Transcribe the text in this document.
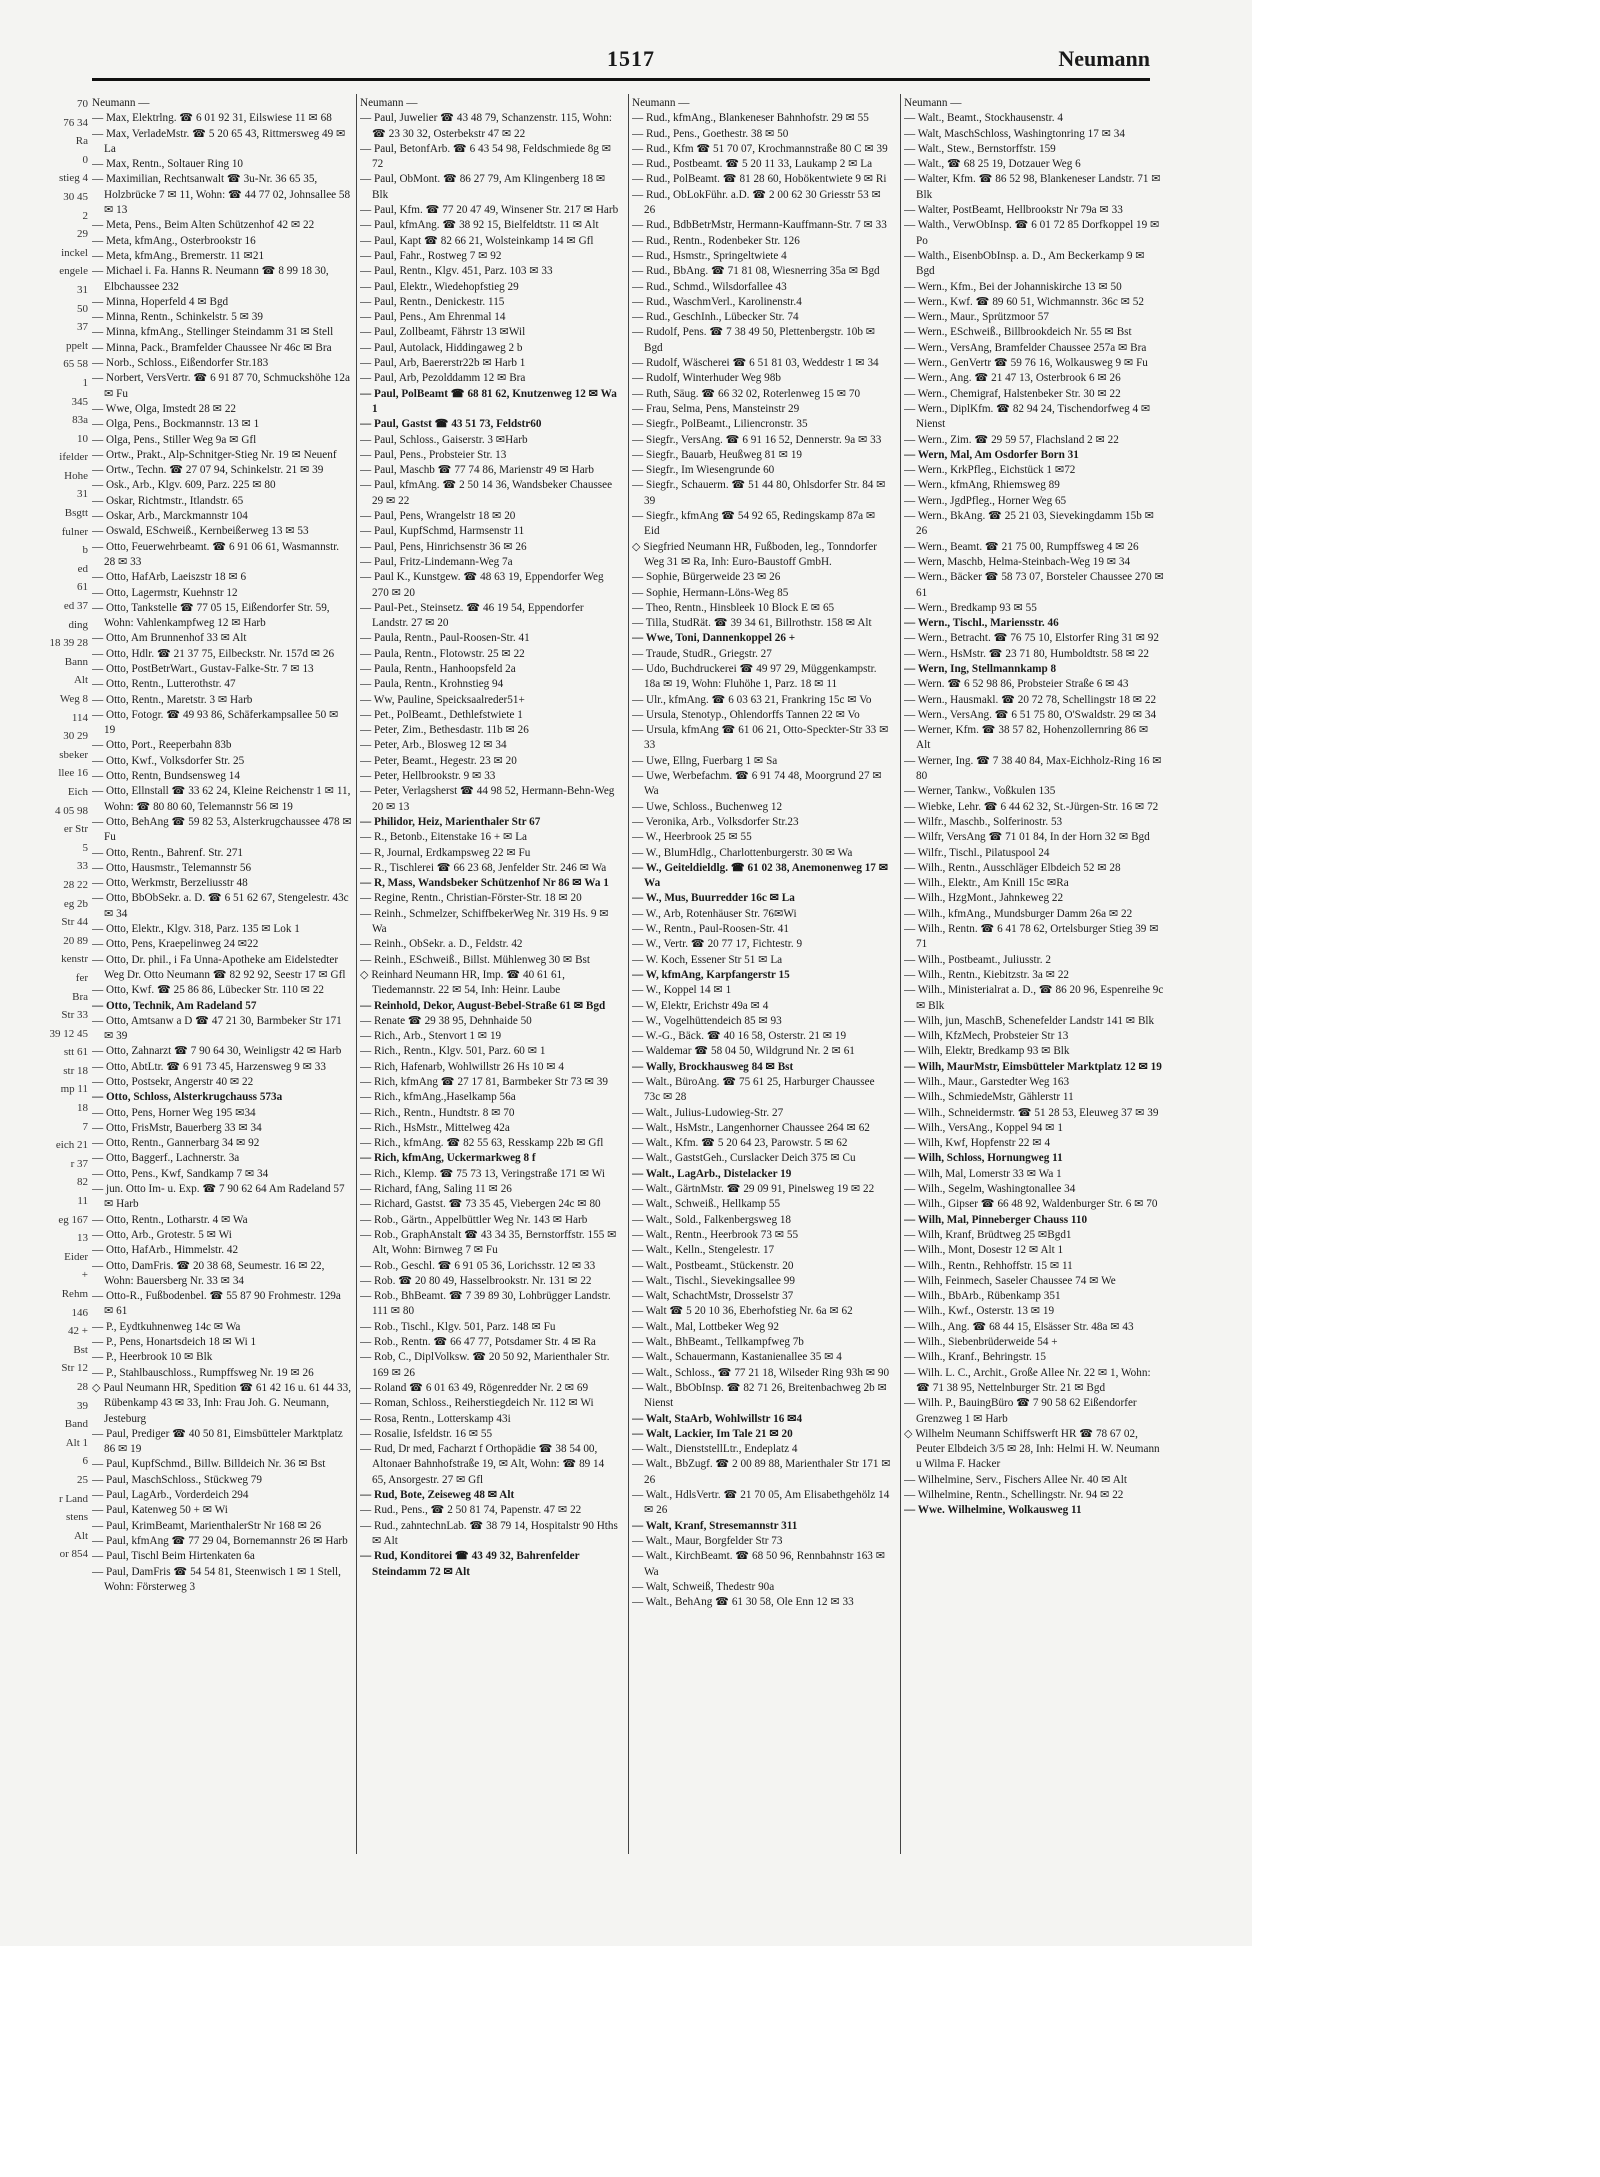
70
76 34
Ra
0
stieg 4
30 45
2
29
inckel
engele
31
50
37
ppelt
65 58
1
345
83a
10
ifelder
Hohe
31
Bsgtt
fulner
b
ed
61
ed 37
ding
18 39 28
Bann
Alt
Weg 8
114
30 29
sbeker
llee 16
Eich
4 05 98
er Str
5
33
28 22
eg 2b
Str 44
20 89
kenstr
fer
Bra
Str 33
39 12 45
stt 61
str 18
mp 11
18
7
eich 21
r 37
82
11
eg 167
13
Eider
+
Rehm
146
42 +
Bst
Str 12
28
39
Band
Alt 1
6
25
r Land
stens
Alt
or 854
1517	Neumann
Neumann —
— Max, Elektrlng. ☎ 6 01 92 31, Eilswiese 11 ✉ 68
— Max, VerladeMstr. ☎ 5 20 65 43, Rittmersweg 49 ✉ La
— Max, Rentn., Soltauer Ring 10
— Maximilian, Rechtsanwalt ☎ 3u-Nr. 36 65 35, Holzbrücke 7 ✉ 11, Wohn: ☎ 44 77 02, Johnsallee 58 ✉ 13
— Meta, Pens., Beim Alten Schützenhof 42 ✉ 22
— Meta, kfmAng., Osterbrookstr 16
— Meta, kfmAng., Bremerstr. 11 ✉21
— Michael i. Fa. Hanns R. Neumann ☎ 8 99 18 30, Elbchaussee 232
— Minna, Hoperfeld 4 ✉ Bgd
— Minna, Rentn., Schinkelstr. 5 ✉ 39
— Minna, kfmAng., Stellinger Steindamm 31 ✉ Stell
— Minna, Pack., Bramfelder Chaussee Nr 46c ✉ Bra
— Norb., Schloss., Eißendorfer Str.183
— Norbert, VersVertr. ☎ 6 91 87 70, Schmuckshöhe 12a ✉ Fu
— Wwe, Olga, Imstedt 28 ✉ 22
— Olga, Pens., Bockmannstr. 13 ✉ 1
— Olga, Pens., Stiller Weg 9a ✉ Gfl
— Ortw., Prakt., Alp-Schnitger-Stieg Nr. 19 ✉ Neuenf
— Ortw., Techn. ☎ 27 07 94, Schinkelstr. 21 ✉ 39
— Osk., Arb., Klgv. 609, Parz. 225 ✉ 80
— Oskar, Richtmstr., Itlandstr. 65
— Oskar, Arb., Marckmannstr 104
— Oswald, ESchweiß., Kernbeißerweg 13 ✉ 53
— Otto, Feuerwehrbeamt. ☎ 6 91 06 61, Wasmannstr. 28 ✉ 33
— Otto, HafArb, Laeiszstr 18 ✉ 6
— Otto, Lagermstr, Kuehnstr 12
— Otto, Tankstelle ☎ 77 05 15, Eißendorfer Str. 59, Wohn: Vahlenkampfweg 12 ✉ Harb
— Otto, Am Brunnenhof 33 ✉ Alt
— Otto, Hdlr. ☎ 21 37 75, Eilbeckstr. Nr. 157d ✉ 26
— Otto, PostBetrWart., Gustav-Falke-Str. 7 ✉ 13
— Otto, Rentn., Lutterothstr. 47
— Otto, Rentn., Maretstr. 3 ✉ Harb
— Otto, Fotogr. ☎ 49 93 86, Schäferkampsallee 50 ✉ 19
— Otto, Port., Reeperbahn 83b
— Otto, Kwf., Volksdorfer Str. 25
— Otto, Rentn, Bundsensweg 14
— Otto, Ellnstall ☎ 33 62 24, Kleine Reichenstr 1 ✉ 11, Wohn: ☎ 80 80 60, Telemannstr 56 ✉ 19
— Otto, BehAng ☎ 59 82 53, Alsterkrugchaussee 478 ✉ Fu
— Otto, Rentn., Bahrenf. Str. 271
— Otto, Hausmstr., Telemannstr 56
— Otto, Werkmstr, Berzeliusstr 48
— Otto, BbObSekr. a. D. ☎ 6 51 62 67, Stengelestr. 43c ✉ 34
— Otto, Elektr., Klgv. 318, Parz. 135 ✉ Lok 1
— Otto, Pens, Kraepelinweg 24 ✉22
— Otto, Dr. phil., i Fa Unna-Apotheke am Eidelstedter Weg Dr. Otto Neumann ☎ 82 92 92, Seestr 17 ✉ Gfl
— Otto, Kwf. ☎ 25 86 86, Lübecker Str. 110 ✉ 22
— Otto, Technik, Am Radeland 57
— Otto, Amtsanw a D ☎ 47 21 30, Barmbeker Str 171 ✉ 39
— Otto, Zahnarzt ☎ 7 90 64 30, Weinligstr 42 ✉ Harb
— Otto, AbtLtr. ☎ 6 91 73 45, Harzensweg 9 ✉ 33
— Otto, Postsekr, Angerstr 40 ✉ 22
— Otto, Schloss, Alsterkrugchauss 573a
— Otto, Pens, Horner Weg 195 ✉34
— Otto, FrisMstr, Bauerberg 33 ✉ 34
— Otto, Rentn., Gannerbarg 34 ✉ 92
— Otto, Baggerf., Lachnerstr. 3a
— Otto, Pens., Kwf, Sandkamp 7 ✉ 34
— jun. Otto Im- u. Exp. ☎ 7 90 62 64 Am Radeland 57 ✉ Harb
— Otto, Rentn., Lotharstr. 4 ✉ Wa
— Otto, Arb., Grotestr. 5 ✉ Wi
— Otto, HafArb., Himmelstr. 42
— Otto, DamFris. ☎ 20 38 68, Seumestr. 16 ✉ 22, Wohn: Bauersberg Nr. 33 ✉ 34
— Otto-R., Fußbodenbel. ☎ 55 87 90 Frohmestr. 129a ✉ 61
— P., Eydtkuhnenweg 14c ✉ Wa
— P., Pens, Honartsdeich 18 ✉ Wi 1
— P., Heerbrook 10 ✉ Blk
— P., Stahlbauschloss., Rumpffsweg Nr. 19 ✉ 26
◇ Paul Neumann HR, Spedition ☎ 61 42 16 u. 61 44 33, Rübenkamp 43 ✉ 33, Inh: Frau Joh. G. Neumann, Jesteburg
— Paul, Prediger ☎ 40 50 81, Eimsbütteler Marktplatz 86 ✉ 19
— Paul, KupfSchmd., Billw. Billdeich Nr. 36 ✉ Bst
— Paul, MaschSchloss., Stückweg 79
— Paul, LagArb., Vorderdeich 294
— Paul, Katenweg 50 + ✉ Wi
— Paul, KrimBeamt, MarienthalerStr Nr 168 ✉ 26
— Paul, kfmAng ☎ 77 29 04, Bornemannstr 26 ✉ Harb
— Paul, Tischl Beim Hirtenkaten 6a
— Paul, DamFris ☎ 54 54 81, Steenwisch 1 ✉ 1 Stell, Wohn: Försterweg 3
Neumann —
— Paul, Juwelier ☎ 43 48 79, Schanzenstr. 115, Wohn: ☎ 23 30 32, Osterbekstr 47 ✉ 22
— Paul, BetonfArb. ☎ 6 43 54 98, Feldschmiede 8g ✉ 72
— Paul, ObMont. ☎ 86 27 79, Am Klingenberg 18 ✉ Blk
— Paul, Kfm. ☎ 77 20 47 49, Winsener Str. 217 ✉ Harb
— Paul, kfmAng. ☎ 38 92 15, Bielfeldtstr. 11 ✉ Alt
— Paul, Kapt ☎ 82 66 21, Wolsteinkamp 14 ✉ Gfl
— Paul, Fahr., Rostweg 7 ✉ 92
— Paul, Rentn., Klgv. 451, Parz. 103 ✉ 33
— Paul, Elektr., Wiedehopfstieg 29
— Paul, Rentn., Denickestr. 115
— Paul, Pens., Am Ehrenmal 14
— Paul, Zollbeamt, Fährstr 13 ✉Wil
— Paul, Autolack, Hiddingaweg 2 b
— Paul, Arb, Baererstr22b ✉ Harb 1
— Paul, Arb, Pezolddamm 12 ✉ Bra
— Paul, PolBeamt ☎ 68 81 62, Knutzenweg 12 ✉ Wa 1
— Paul, Gastst ☎ 43 51 73, Feldstr60
— Paul, Schloss., Gaiserstr. 3 ✉Harb
— Paul, Pens., Probsteier Str. 13
— Paul, Maschb ☎ 77 74 86, Marienstr 49 ✉ Harb
— Paul, kfmAng. ☎ 2 50 14 36, Wandsbeker Chaussee 29 ✉ 22
— Paul, Pens, Wrangelstr 18 ✉ 20
— Paul, KupfSchmd, Harmsenstr 11
— Paul, Pens, Hinrichsenstr 36 ✉ 26
— Paul, Fritz-Lindemann-Weg 7a
— Paul K., Kunstgew. ☎ 48 63 19, Eppendorfer Weg 270 ✉ 20
— Paul-Pet., Steinsetz. ☎ 46 19 54, Eppendorfer Landstr. 27 ✉ 20
— Paula, Rentn., Paul-Roosen-Str. 41
— Paula, Rentn., Flotowstr. 25 ✉ 22
— Paula, Rentn., Hanhoopsfeld 2a
— Paula, Rentn., Krohnstieg 94
— Ww, Pauline, Speicksaalreder51+
— Pet., PolBeamt., Dethlefstwiete 1
— Peter, Zim., Bethesdastr. 11b ✉ 26
— Peter, Arb., Blosweg 12 ✉ 34
— Peter, Beamt., Hegestr. 23 ✉ 20
— Peter, Hellbrookstr. 9 ✉ 33
— Peter, Verlagsherst ☎ 44 98 52, Hermann-Behn-Weg 20 ✉ 13
— Philidor, Heiz, Marienthaler Str 67
— R., Betonb., Eitenstake 16 + ✉ La
— R, Journal, Erdkampsweg 22 ✉ Fu
— R., Tischlerei ☎ 66 23 68, Jenfelder Str. 246 ✉ Wa
— R, Mass, Wandsbeker Schützenhof Nr 86 ✉ Wa 1
— Regine, Rentn., Christian-Förster-Str. 18 ✉ 20
— Reinh., Schmelzer, SchiffbekerWeg Nr. 319 Hs. 9 ✉ Wa
— Reinh., ObSekr. a. D., Feldstr. 42
— Reinh., ESchweiß., Billst. Mühlenweg 30 ✉ Bst
◇ Reinhard Neumann HR, Imp. ☎ 40 61 61, Tiedemannstr. 22 ✉ 54, Inh: Heinr. Laube
— Reinhold, Dekor, August-Bebel-Straße 61 ✉ Bgd
— Renate ☎ 29 38 95, Dehnhaide 50
— Rich., Arb., Stenvort 1 ✉ 19
— Rich., Rentn., Klgv. 501, Parz. 60 ✉ 1
— Rich, Hafenarb, Wohlwillstr 26 Hs 10 ✉ 4
— Rich, kfmAng ☎ 27 17 81, Barmbeker Str 73 ✉ 39
— Rich., kfmAng.,Haselkamp 56a
— Rich., Rentn., Hundtstr. 8 ✉ 70
— Rich., HsMstr., Mittelweg 42a
— Rich., kfmAng. ☎ 82 55 63, Resskamp 22b ✉ Gfl
— Rich, kfmAng, Uckermarkweg 8 f
— Rich., Klemp. ☎ 75 73 13, Veringstraße 171 ✉ Wi
— Richard, fAng, Saling 11 ✉ 26
— Richard, Gastst. ☎ 73 35 45, Viebergen 24c ✉ 80
— Rob., Gärtn., Appelbüttler Weg Nr. 143 ✉ Harb
— Rob., GraphAnstalt ☎ 43 34 35, Bernstorffstr. 155 ✉ Alt, Wohn: Birnweg 7 ✉ Fu
— Rob., Geschl. ☎ 6 91 05 36, Lorichsstr. 12 ✉ 33
— Rob. ☎ 20 80 49, Hasselbrookstr. Nr. 131 ✉ 22
— Rob., BhBeamt. ☎ 7 39 89 30, Lohbrügger Landstr. 111 ✉ 80
— Rob., Tischl., Klgv. 501, Parz. 148 ✉ Fu
— Rob., Rentn. ☎ 66 47 77, Potsdamer Str. 4 ✉ Ra
— Rob, C., DiplVolksw. ☎ 20 50 92, Marienthaler Str. 169 ✉ 26
— Roland ☎ 6 01 63 49, Rögenredder Nr. 2 ✉ 69
— Roman, Schloss., Reiherstiegdeich Nr. 112 ✉ Wi
— Rosa, Rentn., Lotterskamp 43i
— Rosalie, Isfeldstr. 16 ✉ 55
— Rud, Dr med, Facharzt f Orthopädie ☎ 38 54 00, Altonaer Bahnhofstraße 19, ✉ Alt, Wohn: ☎ 89 14 65, Ansorgestr. 27 ✉ Gfl
— Rud, Bote, Zeiseweg 48 ✉ Alt
— Rud., Pens., ☎ 2 50 81 74, Papenstr. 47 ✉ 22
— Rud., zahntechnLab. ☎ 38 79 14, Hospitalstr 90 Hths ✉ Alt
— Rud, Konditorei ☎ 43 49 32, Bahrenfelder Steindamm 72 ✉ Alt
Neumann —
— Rud., kfmAng., Blankeneser Bahnhofstr. 29 ✉ 55
— Rud., Pens., Goethestr. 38 ✉ 50
— Rud., Kfm ☎ 51 70 07, Krochmannstraße 80 C ✉ 39
— Rud., Postbeamt. ☎ 5 20 11 33, Laukamp 2 ✉ La
— Rud., PolBeamt. ☎ 81 28 60, Hobökentwiete 9 ✉ Ri
— Rud., ObLokFühr. a.D. ☎ 2 00 62 30 Griesstr 53 ✉ 26
— Rud., BdbBetrMstr, Hermann-Kauffmann-Str. 7 ✉ 33
— Rud., Rentn., Rodenbeker Str. 126
— Rud., Hsmstr., Springeltwiete 4
— Rud., BbAng. ☎ 71 81 08, Wiesnerring 35a ✉ Bgd
— Rud., Schmd., Wilsdorfallee 43
— Rud., WaschmVerl., Karolinenstr.4
— Rud., GeschInh., Lübecker Str. 74
— Rudolf, Pens. ☎ 7 38 49 50, Plettenbergstr. 10b ✉ Bgd
— Rudolf, Wäscherei ☎ 6 51 81 03, Weddestr 1 ✉ 34
— Rudolf, Winterhuder Weg 98b
— Ruth, Säug. ☎ 66 32 02, Roterlenweg 15 ✉ 70
— Frau, Selma, Pens, Mansteinstr 29
— Siegfr., PolBeamt., Liliencronstr. 35
— Siegfr., VersAng. ☎ 6 91 16 52, Dennerstr. 9a ✉ 33
— Siegfr., Bauarb, Heußweg 81 ✉ 19
— Siegfr., Im Wiesengrunde 60
— Siegfr., Schauerm. ☎ 51 44 80, Ohlsdorfer Str. 84 ✉ 39
— Siegfr., kfmAng ☎ 54 92 65, Redingskamp 87a ✉ Eid
◇ Siegfried Neumann HR, Fußboden, leg., Tonndorfer Weg 31 ✉ Ra, Inh: Euro-Baustoff GmbH.
— Sophie, Bürgerweide 23 ✉ 26
— Sophie, Hermann-Löns-Weg 85
— Theo, Rentn., Hinsbleek 10 Block E ✉ 65
— Tilla, StudRät. ☎ 39 34 61, Billrothstr. 158 ✉ Alt
— Wwe, Toni, Dannenkoppel 26 +
— Traude, StudR., Griegstr. 27
— Udo, Buchdruckerei ☎ 49 97 29, Müggenkampstr. 18a ✉ 19, Wohn: Fluhöhe 1, Parz. 18 ✉ 11
— Ulr., kfmAng. ☎ 6 03 63 21, Frankring 15c ✉ Vo
— Ursula, Stenotyp., Ohlendorffs Tannen 22 ✉ Vo
— Ursula, kfmAng ☎ 61 06 21, Otto-Speckter-Str 33 ✉ 33
— Uwe, Ellng, Fuerbarg 1 ✉ Sa
— Uwe, Werbefachm. ☎ 6 91 74 48, Moorgrund 27 ✉ Wa
— Uwe, Schloss., Buchenweg 12
— Veronika, Arb., Volksdorfer Str.23
— W., Heerbrook 25 ✉ 55
— W., BlumHdlg., Charlottenburgerstr. 30 ✉ Wa
— W., Geiteldieldlg. ☎ 61 02 38, Anemonenweg 17 ✉ Wa
— W., Mus, Buurredder 16c ✉ La
— W., Arb, Rotenhäuser Str. 76✉Wi
— W., Rentn., Paul-Roosen-Str. 41
— W., Vertr. ☎ 20 77 17, Fichtestr. 9
— W. Koch, Essener Str 51 ✉ La
— W, kfmAng, Karpfangerstr 15
— W., Koppel 14 ✉ 1
— W, Elektr, Erichstr 49a ✉ 4
— W., Vogelhüttendeich 85 ✉ 93
— W.-G., Bäck. ☎ 40 16 58, Osterstr. 21 ✉ 19
— Waldemar ☎ 58 04 50, Wildgrund Nr. 2 ✉ 61
— Wally, Brockhausweg 84 ✉ Bst
— Walt., BüroAng. ☎ 75 61 25, Harburger Chaussee 73c ✉ 28
— Walt., Julius-Ludowieg-Str. 27
— Walt., HsMstr., Langenhorner Chaussee 264 ✉ 62
— Walt., Kfm. ☎ 5 20 64 23, Parowstr. 5 ✉ 62
— Walt., GaststGeh., Curslacker Deich 375 ✉ Cu
— Walt., LagArb., Distelacker 19
— Walt., GärtnMstr. ☎ 29 09 91, Pinelsweg 19 ✉ 22
— Walt., Schweiß., Hellkamp 55
— Walt., Sold., Falkenbergsweg 18
— Walt., Rentn., Heerbrook 73 ✉ 55
— Walt., Kelln., Stengelestr. 17
— Walt., Postbeamt., Stückenstr. 20
— Walt., Tischl., Sievekingsallee 99
— Walt, SchachtMstr, Drosselstr 37
— Walt ☎ 5 20 10 36, Eberhofstieg Nr. 6a ✉ 62
— Walt., Mal, Lottbeker Weg 92
— Walt., BhBeamt., Tellkampfweg 7b
— Walt., Schauermann, Kastanienallee 35 ✉ 4
— Walt., Schloss., ☎ 77 21 18, Wilseder Ring 93h ✉ 90
— Walt., BbObInsp. ☎ 82 71 26, Breitenbachweg 2b ✉ Nienst
— Walt, StaArb, Wohlwillstr 16 ✉4
— Walt, Lackier, Im Tale 21 ✉ 20
— Walt., DienststellLtr., Endeplatz 4
— Walt., BbZugf. ☎ 2 00 89 88, Marienthaler Str 171 ✉ 26
— Walt., HdlsVertr. ☎ 21 70 05, Am Elisabethgehölz 14 ✉ 26
— Walt, Kranf, Stresemannstr 311
— Walt., Maur, Borgfelder Str 73
— Walt., KirchBeamt. ☎ 68 50 96, Rennbahnstr 163 ✉ Wa
— Walt, Schweiß, Thedestr 90a
— Walt., BehAng ☎ 61 30 58, Ole Enn 12 ✉ 33
Neumann —
— Walt., Beamt., Stockhausenstr. 4
— Walt, MaschSchloss, Washingtonring 17 ✉ 34
— Walt., Stew., Bernstorffstr. 159
— Walt., ☎ 68 25 19, Dotzauer Weg 6
— Walter, Kfm. ☎ 86 52 98, Blankeneser Landstr. 71 ✉ Blk
— Walter, PostBeamt, Hellbrookstr Nr 79a ✉ 33
— Walth., VerwObInsp. ☎ 6 01 72 85 Dorfkoppel 19 ✉ Po
— Walth., EisenbObInsp. a. D., Am Beckerkamp 9 ✉ Bgd
— Wern., Kfm., Bei der Johanniskirche 13 ✉ 50
— Wern., Kwf. ☎ 89 60 51, Wichmannstr. 36c ✉ 52
— Wern., Maur., Sprützmoor 57
— Wern., ESchweiß., Billbrookdeich Nr. 55 ✉ Bst
— Wern., VersAng, Bramfelder Chaussee 257a ✉ Bra
— Wern., GenVertr ☎ 59 76 16, Wolkausweg 9 ✉ Fu
— Wern., Ang. ☎ 21 47 13, Osterbrook 6 ✉ 26
— Wern., Chemigraf, Halstenbeker Str. 30 ✉ 22
— Wern., DiplKfm. ☎ 82 94 24, Tischendorfweg 4 ✉ Nienst
— Wern., Zim. ☎ 29 59 57, Flachsland 2 ✉ 22
— Wern, Mal, Am Osdorfer Born 31
— Wern., KrkPfleg., Eichstück 1 ✉72
— Wern., kfmAng, Rhiemsweg 89
— Wern., JgdPfleg., Horner Weg 65
— Wern., BkAng. ☎ 25 21 03, Sievekingdamm 15b ✉ 26
— Wern., Beamt. ☎ 21 75 00, Rumpffsweg 4 ✉ 26
— Wern, Maschb, Helma-Steinbach-Weg 19 ✉ 34
— Wern., Bäcker ☎ 58 73 07, Borsteler Chaussee 270 ✉ 61
— Wern., Bredkamp 93 ✉ 55
— Wern., Tischl., Mariensstr. 46
— Wern., Betracht. ☎ 76 75 10, Elstorfer Ring 31 ✉ 92
— Wern., HsMstr. ☎ 23 71 80, Humboldtstr. 58 ✉ 22
— Wern, Ing, Stellmannkamp 8
— Wern. ☎ 6 52 98 86, Probsteier Straße 6 ✉ 43
— Wern., Hausmakl. ☎ 20 72 78, Schellingstr 18 ✉ 22
— Wern., VersAng. ☎ 6 51 75 80, O'Swaldstr. 29 ✉ 34
— Werner, Kfm. ☎ 38 57 82, Hohenzollernring 86 ✉ Alt
— Werner, Ing. ☎ 7 38 40 84, Max-Eichholz-Ring 16 ✉ 80
— Werner, Tankw., Voßkulen 135
— Wiebke, Lehr. ☎ 6 44 62 32, St.-Jürgen-Str. 16 ✉ 72
— Wilfr., Maschb., Solferinostr. 53
— Wilfr, VersAng ☎ 71 01 84, In der Horn 32 ✉ Bgd
— Wilfr., Tischl., Pilatuspool 24
— Wilh., Rentn., Ausschläger Elbdeich 52 ✉ 28
— Wilh., Elektr., Am Knill 15c ✉Ra
— Wilh., HzgMont., Jahnkeweg 22
— Wilh., kfmAng., Mundsburger Damm 26a ✉ 22
— Wilh., Rentn. ☎ 6 41 78 62, Ortelsburger Stieg 39 ✉ 71
— Wilh., Postbeamt., Juliusstr. 2
— Wilh., Rentn., Kiebitzstr. 3a ✉ 22
— Wilh., Ministerialrat a. D., ☎ 86 20 96, Espenreihe 9c ✉ Blk
— Wilh, jun, MaschB, Schenefelder Landstr 141 ✉ Blk
— Wilh, KfzMech, Probsteier Str 13
— Wilh, Elektr, Bredkamp 93 ✉ Blk
— Wilh, MaurMstr, Eimsbütteler Marktplatz 12 ✉ 19
— Wilh., Maur., Garstedter Weg 163
— Wilh., SchmiedeMstr, Gählerstr 11
— Wilh., Schneidermstr. ☎ 51 28 53, Eleuweg 37 ✉ 39
— Wilh., VersAng., Koppel 94 ✉ 1
— Wilh, Kwf, Hopfenstr 22 ✉ 4
— Wilh, Schloss, Hornungweg 11
— Wilh, Mal, Lomerstr 33 ✉ Wa 1
— Wilh., Segelm, Washingtonallee 34
— Wilh., Gipser ☎ 66 48 92, Waldenburger Str. 6 ✉ 70
— Wilh, Mal, Pinneberger Chauss 110
— Wilh, Kranf, Brüdtweg 25 ✉Bgd1
— Wilh., Mont, Dosestr 12 ✉ Alt 1
— Wilh., Rentn., Rehhoffstr. 15 ✉ 11
— Wilh, Feinmech, Saseler Chaussee 74 ✉ We
— Wilh., BbArb., Rübenkamp 351
— Wilh., Kwf., Osterstr. 13 ✉ 19
— Wilh., Ang. ☎ 68 44 15, Elsässer Str. 48a ✉ 43
— Wilh., Siebenbrüderweide 54 +
— Wilh., Kranf., Behringstr. 15
— Wilh. L. C., Archit., Große Allee Nr. 22 ✉ 1, Wohn: ☎ 71 38 95, Nettelnburger Str. 21 ✉ Bgd
— Wilh. P., BauingBüro ☎ 7 90 58 62 Eißendorfer Grenzweg 1 ✉ Harb
◇ Wilhelm Neumann Schiffswerft HR ☎ 78 67 02, Peuter Elbdeich 3/5 ✉ 28, Inh: Helmi H. W. Neumann u Wilma F. Hacker
— Wilhelmine, Serv., Fischers Allee Nr. 40 ✉ Alt
— Wilhelmine, Rentn., Schellingstr. Nr. 94 ✉ 22
— Wwe. Wilhelmine, Wolkausweg 11
